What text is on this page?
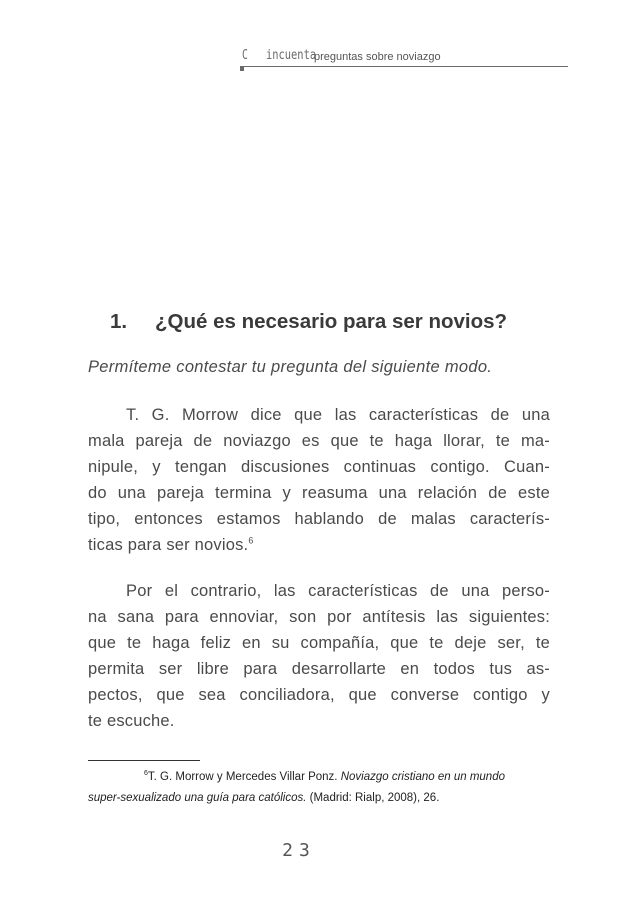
C incuenta
preguntas sobre noviazgo
1. ¿Qué es necesario para ser novios?
Permíteme contestar tu pregunta del siguiente modo.
T. G. Morrow dice que las características de una
mala pareja de noviazgo es que te haga llorar, te ma-
nipule, y tengan discusiones continuas contigo. Cuan-
do una pareja termina y reasuma una relación de este
tipo, entonces estamos hablando de malas caracterís-
ticas para ser novios.$^6$
Por el contrario, las características de una perso-
na sana para ennoviar, son por antítesis las siguientes:
que te haga feliz en su compañía, que te deje ser, te
permita ser libre para desarrollarte en todos tus as-
pectos, que sea conciliadora, que converse contigo y
te escuche.
$^6$T. G. Morrow y Mercedes Villar Ponz. Noviazgo cristiano en un mundo
super-sexualizado una guía para católicos. (Madrid: Rialp, 2008), 26.
23
